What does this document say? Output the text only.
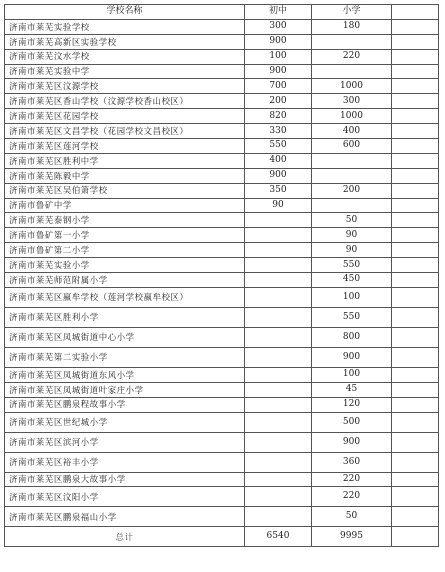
学校名称	初中	小学	
济南市莱芜实验学校	300	180	
济南市莱芜高新区实验学校	900		
济南市莱芜汶水学校	100	220	
济南市莱芜实验中学	900		
济南市莱芜区汶源学校	700	1000	
济南市莱芜区香山学校（汶源学校香山校区）	200	300	
济南市莱芜区花园学校	820	1000	
济南市莱芜区文昌学校（花园学校文昌校区）	330	400	
济南市莱芜区莲河学校	550	600	
济南市莱芜区胜利中学	400		
济南市莱芜陈毅中学	900		
济南市莱芜区吴伯箫学校	350	200	
济南市鲁矿中学	90		
济南市莱芜泰钢小学		50	
济南市鲁矿第一小学		90	
济南市鲁矿第二小学		90	
济南市莱芜实验小学		550	
济南市莱芜师范附属小学		450	
济南市莱芜区嬴牟学校（莲河学校嬴牟校区）		100	
济南市莱芜区胜利小学		550	
济南市莱芜区凤城街道中心小学		800	
济南市莱芜第二实验小学		900	
济南市莱芜区凤城街道东风小学		100	
济南市莱芜区凤城街道叶家庄小学		45	
济南市莱芜区鹏泉程故事小学		120	
济南市莱芜区世纪城小学		500	
济南市莱芜区滨河小学		900	
济南市莱芜区裕丰小学		360	
济南市莱芜区鹏泉大故事小学		220	
济南市莱芜区汶阳小学		220	
济南市莱芜区鹏泉福山小学		50	
总计	6540	9995	
